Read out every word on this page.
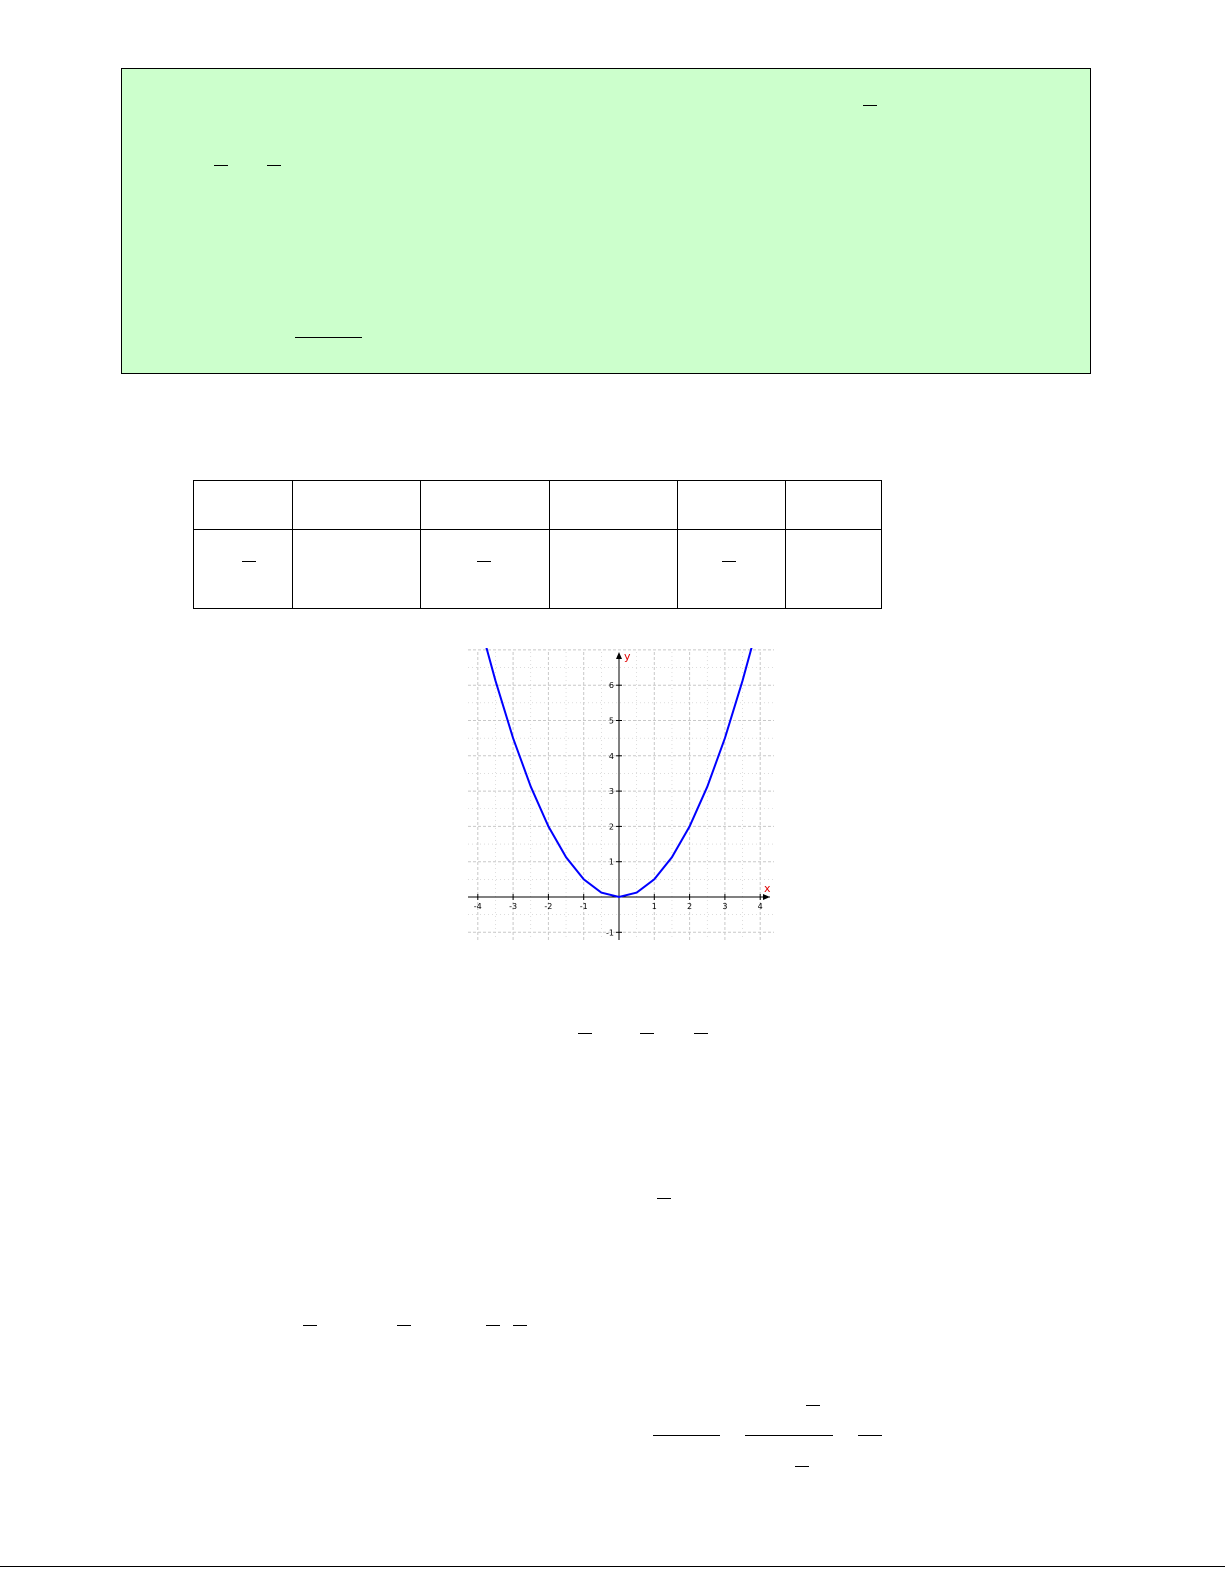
-4	-3	-2	-1	1	2	3	4
-1
1
2
3
4
5
6
x
y
